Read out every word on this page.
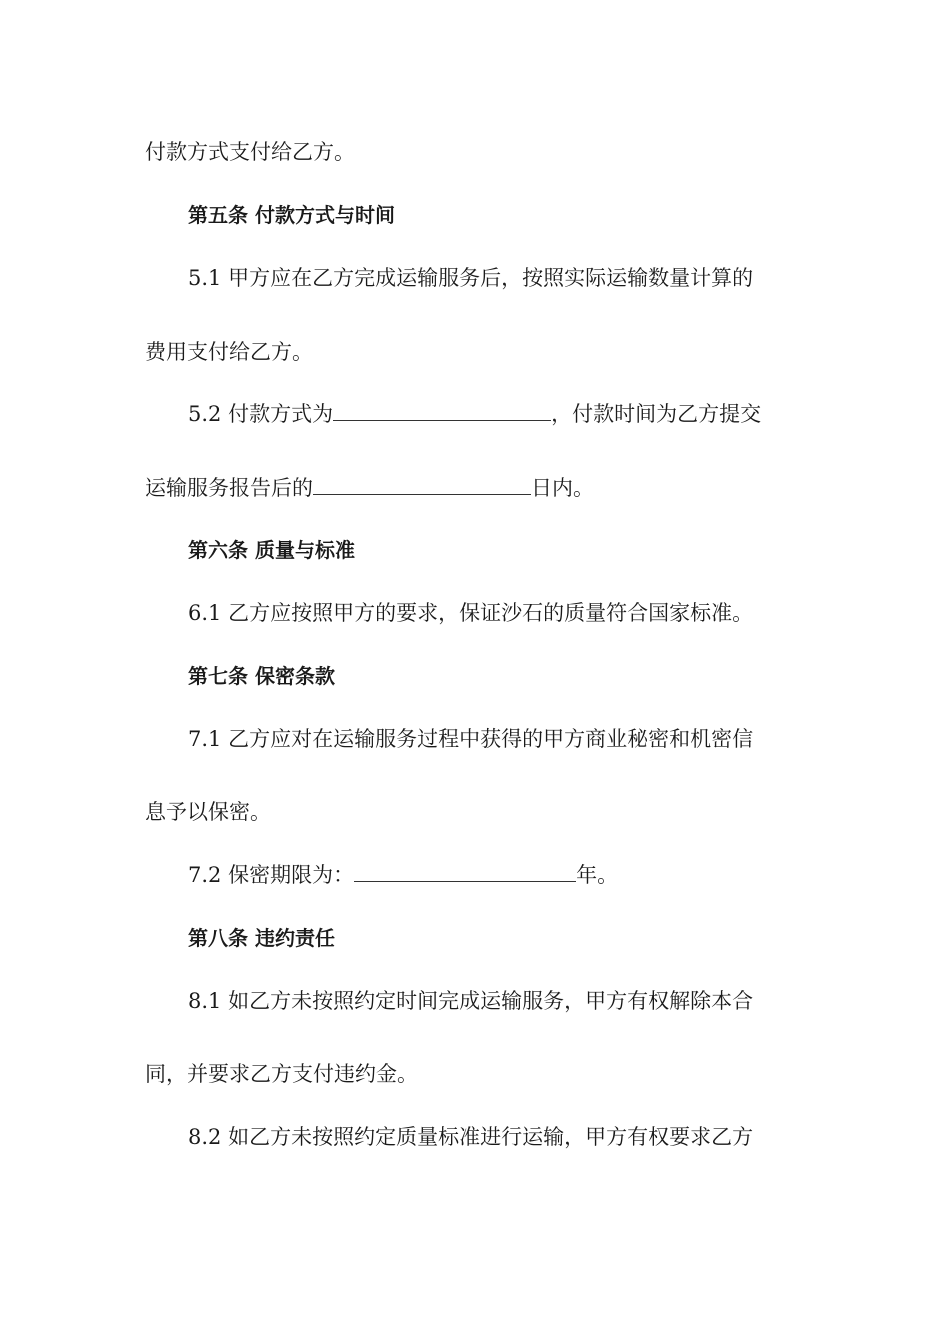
付款方式支付给乙方。
第五条 付款方式与时间
5.1 甲方应在乙方完成运输服务后，按照实际运输数量计算的
费用支付给乙方。
5.2 付款方式为	，付款时间为乙方提交
运输服务报告后的	日内。
第六条 质量与标准
6.1 乙方应按照甲方的要求，保证沙石的质量符合国家标准。
第七条 保密条款
7.1 乙方应对在运输服务过程中获得的甲方商业秘密和机密信
息予以保密。
7.2 保密期限为：	年。
第八条 违约责任
8.1 如乙方未按照约定时间完成运输服务，甲方有权解除本合
同，并要求乙方支付违约金。
8.2 如乙方未按照约定质量标准进行运输，甲方有权要求乙方
